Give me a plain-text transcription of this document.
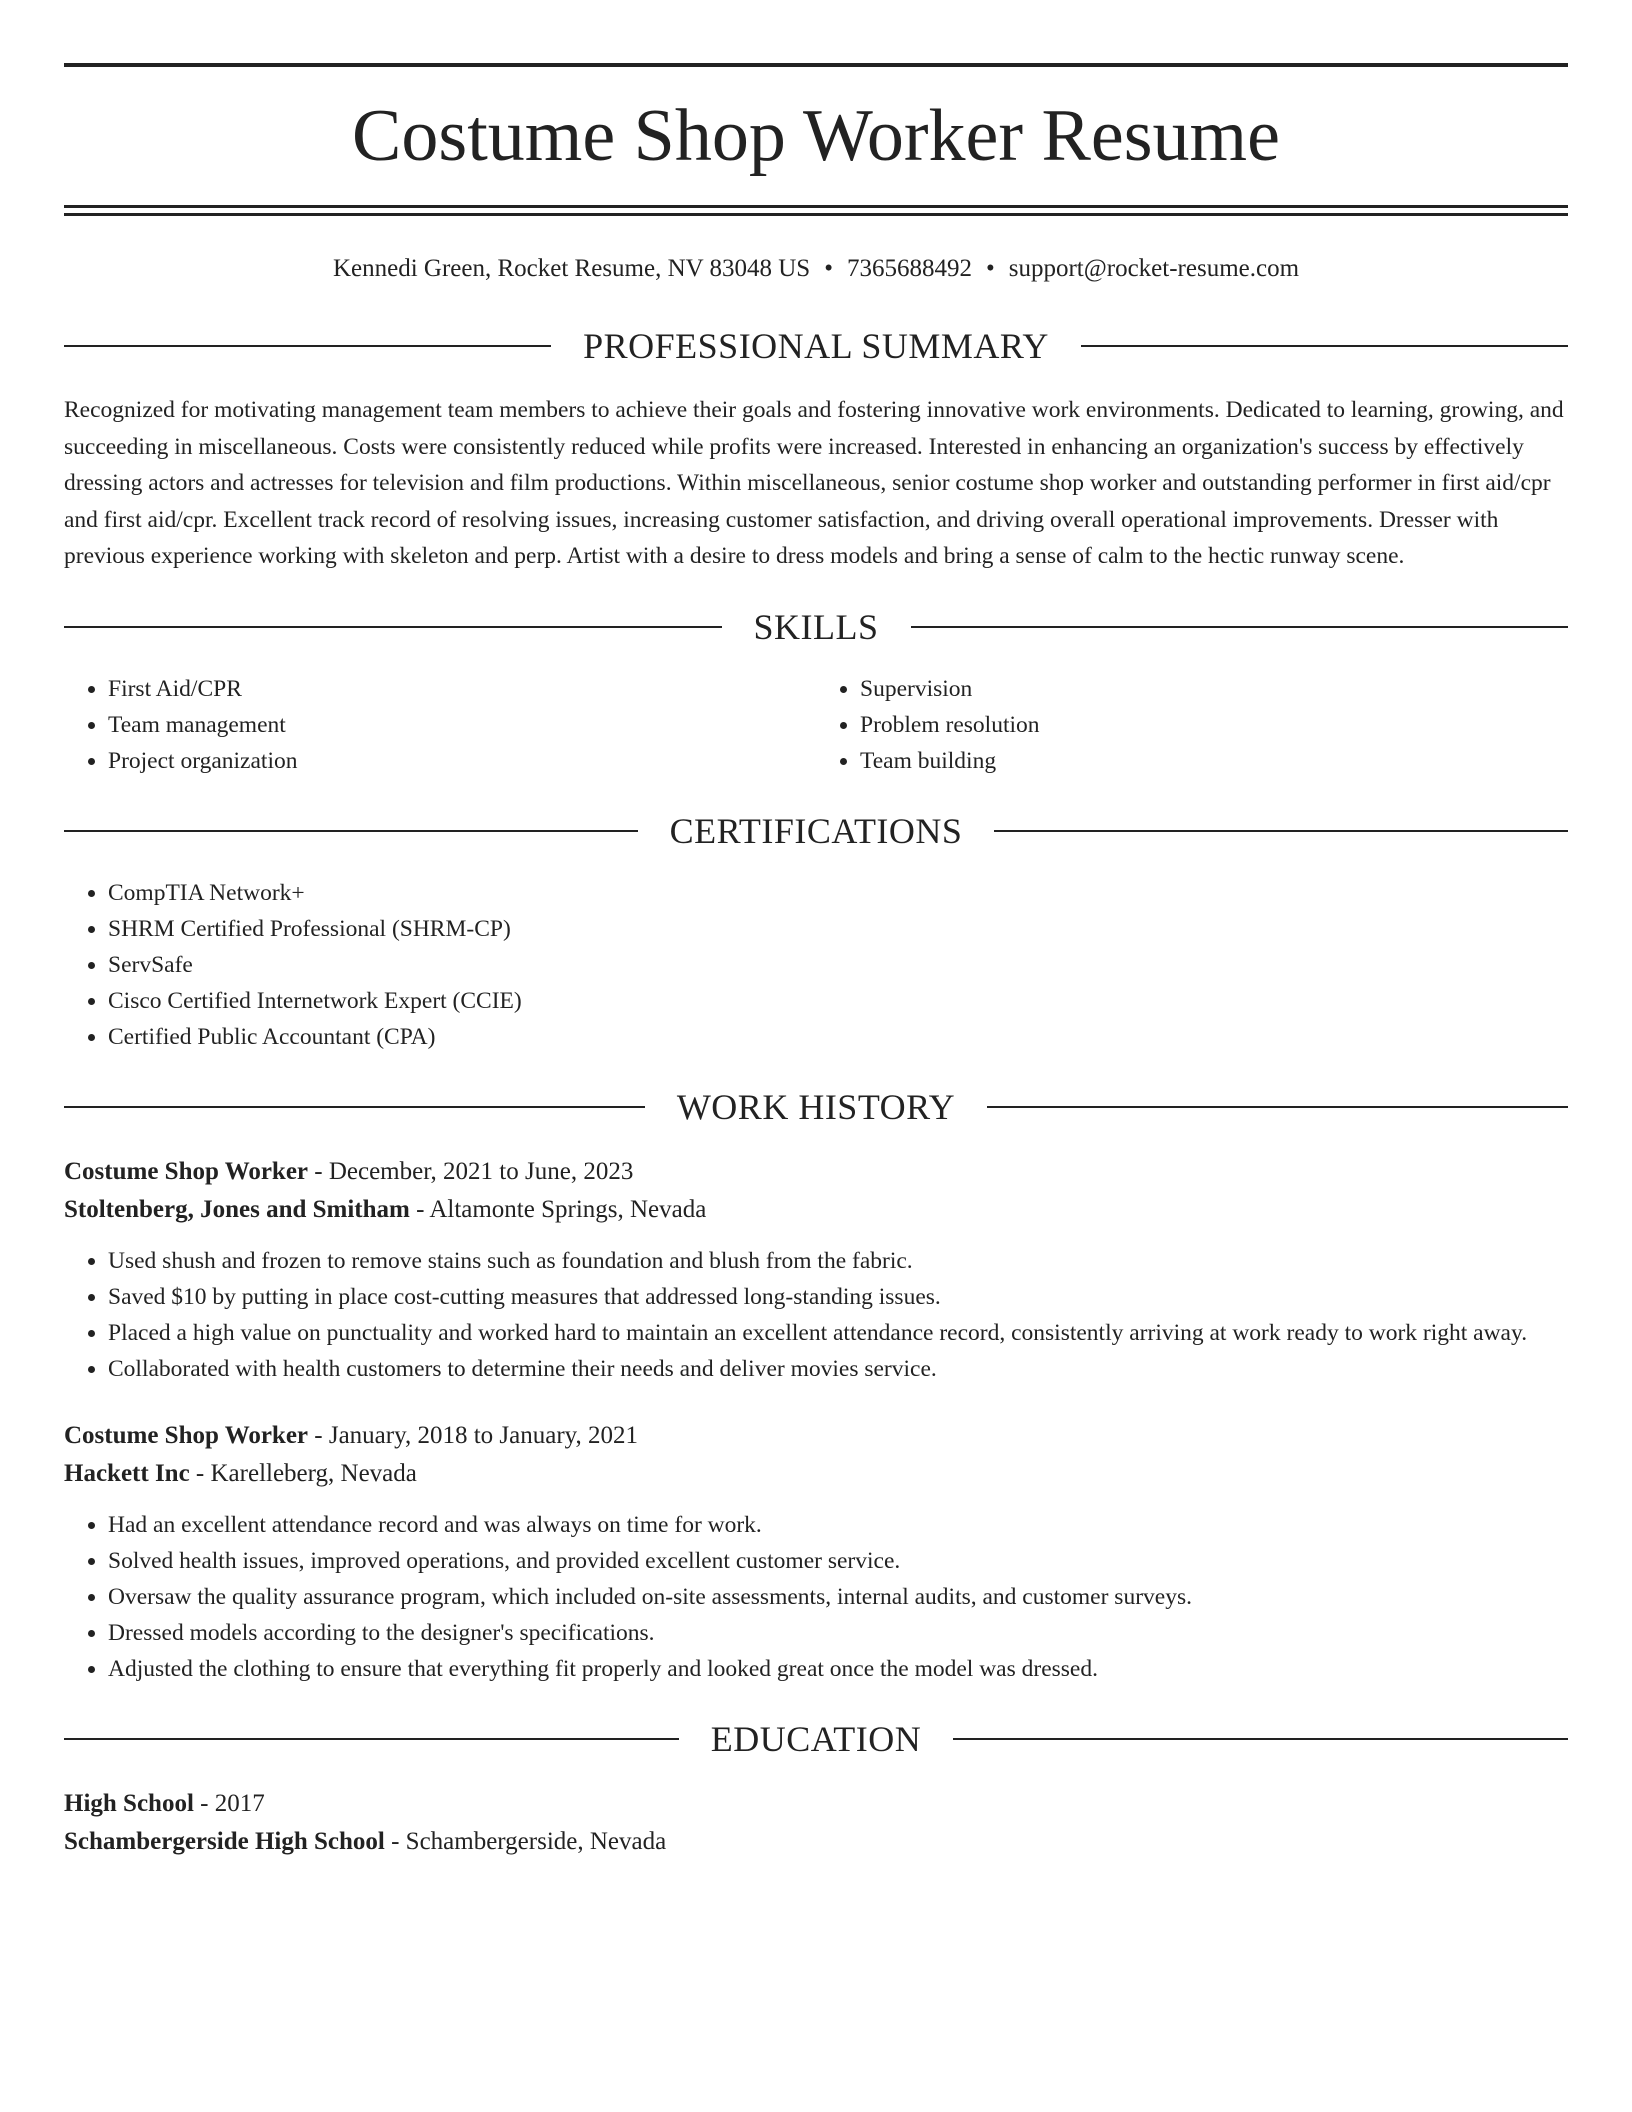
Costume Shop Worker Resume
Kennedi Green, Rocket Resume, NV 83048 US • 7365688492 • support@rocket-resume.com
PROFESSIONAL SUMMARY
Recognized for motivating management team members to achieve their goals and fostering innovative work environments. Dedicated to learning, growing, and succeeding in miscellaneous. Costs were consistently reduced while profits were increased. Interested in enhancing an organization's success by effectively dressing actors and actresses for television and film productions. Within miscellaneous, senior costume shop worker and outstanding performer in first aid/cpr and first aid/cpr. Excellent track record of resolving issues, increasing customer satisfaction, and driving overall operational improvements. Dresser with previous experience working with skeleton and perp. Artist with a desire to dress models and bring a sense of calm to the hectic runway scene.
SKILLS
• First Aid/CPR
• Team management
• Project organization
• Supervision
• Problem resolution
• Team building
CERTIFICATIONS
• CompTIA Network+
• SHRM Certified Professional (SHRM-CP)
• ServSafe
• Cisco Certified Internetwork Expert (CCIE)
• Certified Public Accountant (CPA)
WORK HISTORY
Costume Shop Worker - December, 2021 to June, 2023
Stoltenberg, Jones and Smitham - Altamonte Springs, Nevada
• Used shush and frozen to remove stains such as foundation and blush from the fabric.
• Saved $10 by putting in place cost-cutting measures that addressed long-standing issues.
• Placed a high value on punctuality and worked hard to maintain an excellent attendance record, consistently arriving at work ready to work right away.
• Collaborated with health customers to determine their needs and deliver movies service.
Costume Shop Worker - January, 2018 to January, 2021
Hackett Inc - Karelleberg, Nevada
• Had an excellent attendance record and was always on time for work.
• Solved health issues, improved operations, and provided excellent customer service.
• Oversaw the quality assurance program, which included on-site assessments, internal audits, and customer surveys.
• Dressed models according to the designer's specifications.
• Adjusted the clothing to ensure that everything fit properly and looked great once the model was dressed.
EDUCATION
High School - 2017
Schambergerside High School - Schambergerside, Nevada
